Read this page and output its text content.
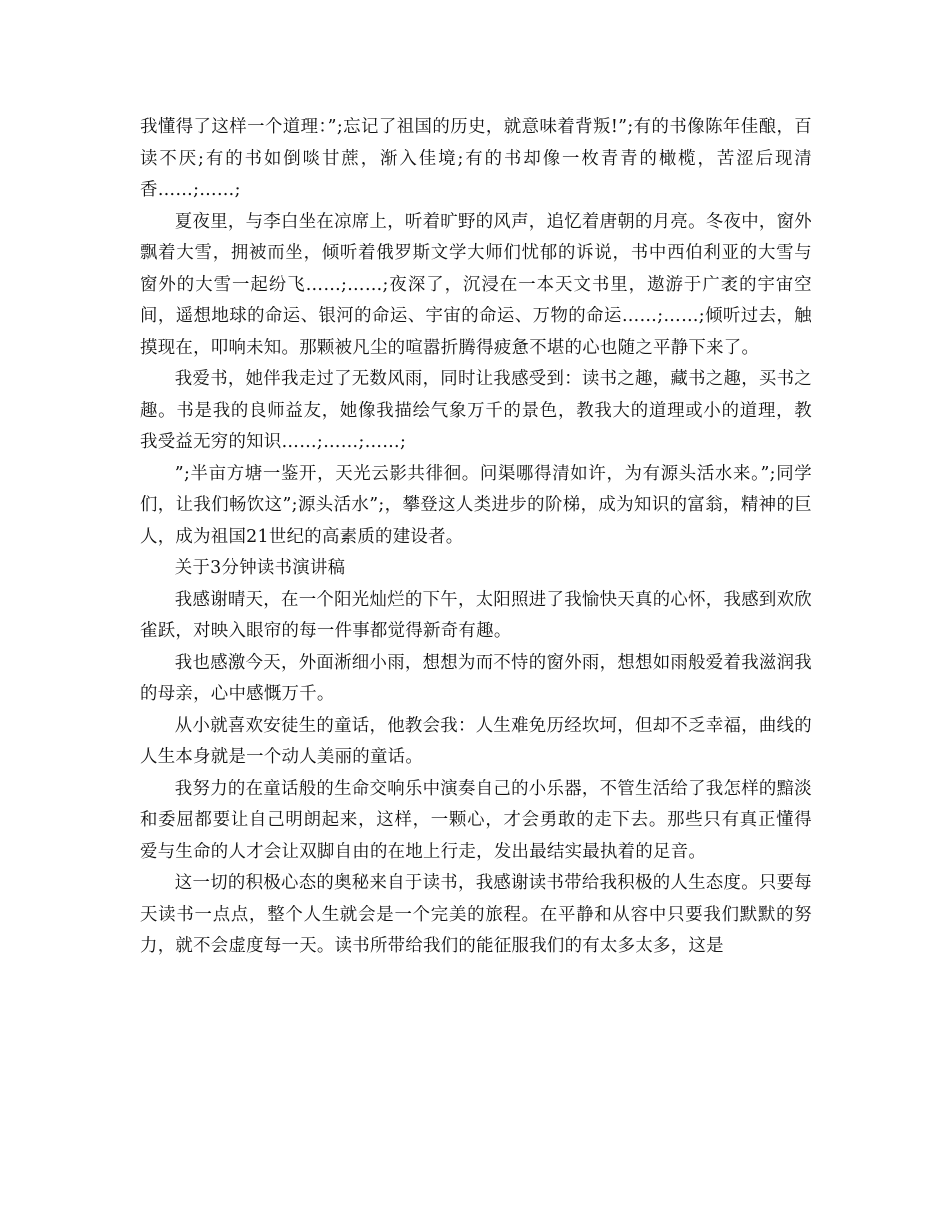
我懂得了这样一个道理：”;忘记了祖国的历史，就意味着背叛!”;有的书像陈年佳酿，百读不厌;有的书如倒啖甘蔗，渐入佳境;有的书却像一枚青青的橄榄，苦涩后现清香……;……;

夏夜里，与李白坐在凉席上，听着旷野的风声，追忆着唐朝的月亮。冬夜中，窗外飘着大雪，拥被而坐，倾听着俄罗斯文学大师们忧郁的诉说，书中西伯利亚的大雪与窗外的大雪一起纷飞……;……;夜深了，沉浸在一本天文书里，遨游于广袤的宇宙空间，遥想地球的命运、银河的命运、宇宙的命运、万物的命运……;……;倾听过去，触摸现在，叩响未知。那颗被凡尘的喧嚣折腾得疲惫不堪的心也随之平静下来了。

我爱书，她伴我走过了无数风雨，同时让我感受到：读书之趣，藏书之趣，买书之趣。书是我的良师益友，她像我描绘气象万千的景色，教我大的道理或小的道理，教我受益无穷的知识……;……;……;

”;半亩方塘一鉴开，天光云影共徘徊。问渠哪得清如许，为有源头活水来。”;同学们，让我们畅饮这”;源头活水”;，攀登这人类进步的阶梯，成为知识的富翁，精神的巨人，成为祖国21世纪的高素质的建设者。

关于3分钟读书演讲稿

我感谢晴天，在一个阳光灿烂的下午，太阳照进了我愉快天真的心怀，我感到欢欣雀跃，对映入眼帘的每一件事都觉得新奇有趣。

我也感激今天，外面淅细小雨，想想为而不恃的窗外雨，想想如雨般爱着我滋润我的母亲，心中感慨万千。

从小就喜欢安徒生的童话，他教会我：人生难免历经坎坷，但却不乏幸福，曲线的人生本身就是一个动人美丽的童话。

我努力的在童话般的生命交响乐中演奏自己的小乐器，不管生活给了我怎样的黯淡和委屈都要让自己明朗起来，这样，一颗心，才会勇敢的走下去。那些只有真正懂得爱与生命的人才会让双脚自由的在地上行走，发出最结实最执着的足音。

这一切的积极心态的奥秘来自于读书，我感谢读书带给我积极的人生态度。只要每天读书一点点，整个人生就会是一个完美的旅程。在平静和从容中只要我们默默的努力，就不会虚度每一天。读书所带给我们的能征服我们的有太多太多，这是
